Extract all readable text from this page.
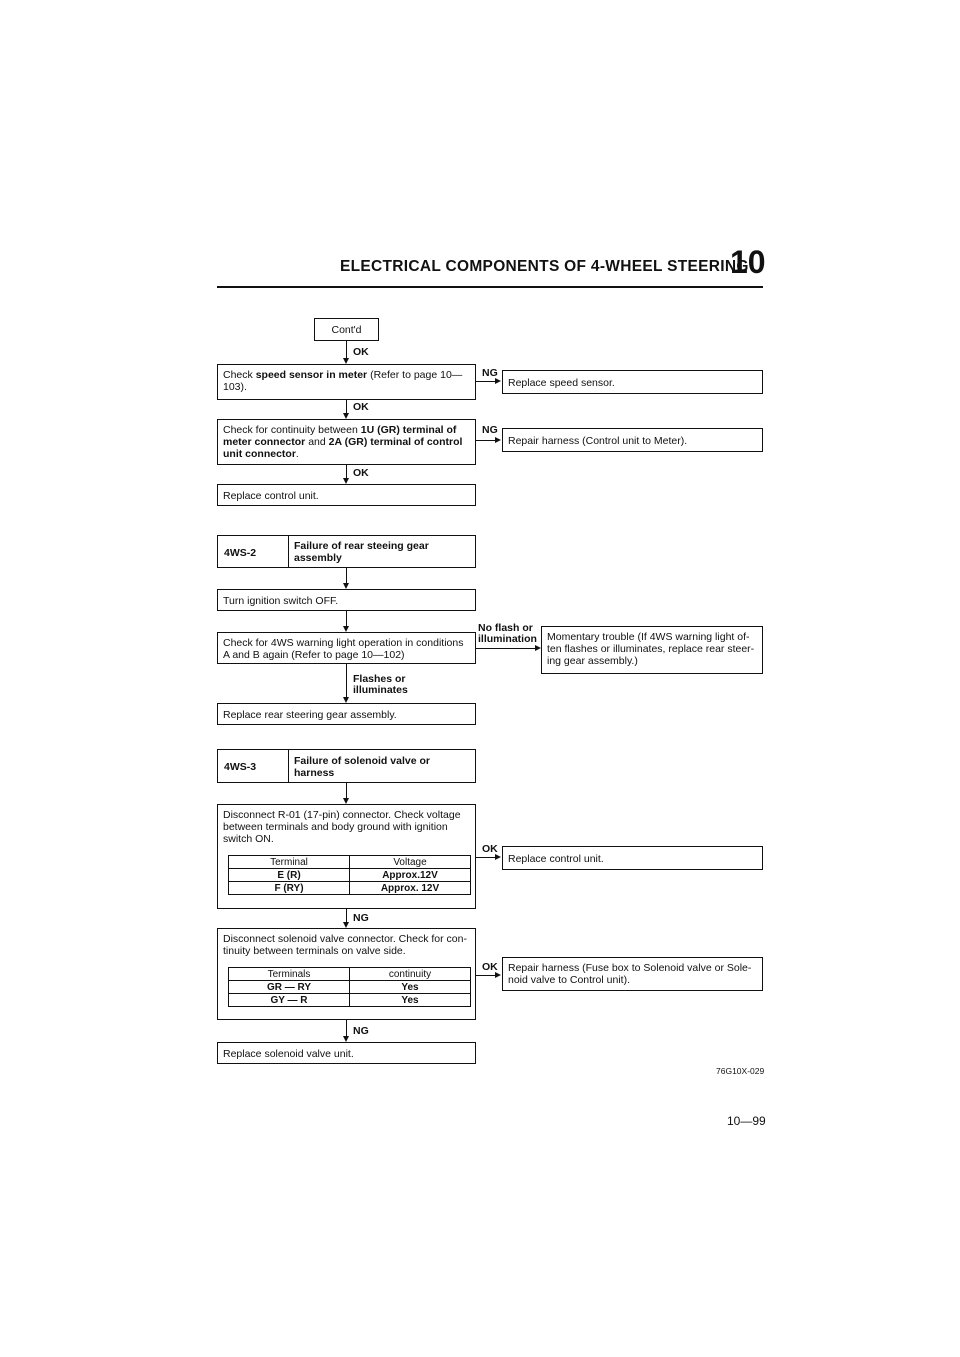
ELECTRICAL COMPONENTS OF 4-WHEEL STEERING
10
Cont'd
OK
Check speed sensor in meter (Refer to page 10—103).
NG
Replace speed sensor.
OK
Check for continuity between 1U (GR) terminal of meter connector and 2A (GR) terminal of control unit connector.
NG
Repair harness (Control unit to Meter).
OK
Replace control unit.
4WS-2
Failure of rear steeing gear assembly
Turn ignition switch OFF.
Check for 4WS warning light operation in conditions A and B again (Refer to page 10—102)
No flash or illumination Momentary trouble (If 4WS warning light of- ten flashes or illuminates, replace rear steer- ing gear assembly.)
Flashes or illuminates
Replace rear steering gear assembly.
4WS-3	Failure of solenoid valve or harness
Disconnect R-01 (17-pin) connector. Check voltage between terminals and body ground with ignition switch ON.
Terminal	Voltage
E (R)	Approx.12V
F (RY)	Approx. 12V
OK
Replace control unit.
NG
Disconnect solenoid valve connector. Check for con- tinuity between terminals on valve side.
Terminals	continuity
GR — RY	Yes
GY — R	Yes
OK Repair harness (Fuse box to Solenoid valve or Sole- noid valve to Control unit).
NG
Replace solenoid valve unit.
76G10X-029
10—99
